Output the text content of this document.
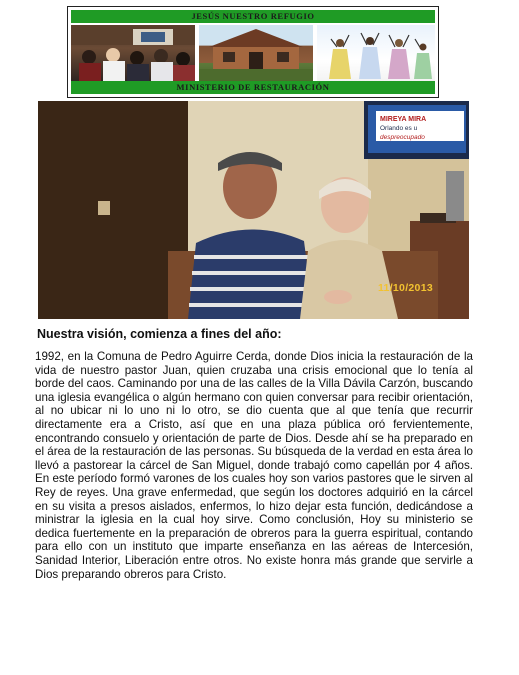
JESÚS NUESTRO REFUGIO
MINISTERIO DE RESTAURACIÓN
MIREYA MIRA
Orlando es u
despreocupado
11/10/2013
Nuestra visión, comienza a fines del año:
1992, en la Comuna de Pedro Aguirre Cerda, donde Dios inicia la restauración de la vida de nuestro pastor Juan, quien cruzaba una crisis emocional que lo tenía al borde del caos. Caminando por una de las calles de la Villa Dávila Carzón, buscando una iglesia evangélica o algún hermano con quien conversar para recibir orientación, al no ubicar ni lo uno ni lo otro, se dio cuenta que al que tenía que recurrir directamente era a Cristo, así que en una plaza pública oró fervientemente, encontrando consuelo y orientación de parte de Dios. Desde ahí se ha preparado en el área de la restauración de las personas. Su búsqueda de la verdad en esta área lo llevó a pastorear la cárcel de San Miguel, donde trabajó como capellán por 4 años. En este período formó varones de los cuales hoy son varios pastores que le sirven al Rey de reyes. Una grave enfermedad, que según los doctores adquirió en la cárcel en su visita a presos aislados, enfermos, lo hizo dejar esta función, dedicándose a ministrar la iglesia en la cual hoy sirve. Como conclusión, Hoy su ministerio se dedica fuertemente en la preparación de obreros para la guerra espiritual, contando para ello con un instituto que imparte enseñanza en las aéreas de Intercesión, Sanidad Interior, Liberación entre otros. No existe honra más grande que servirle a Dios preparando obreros para Cristo.
